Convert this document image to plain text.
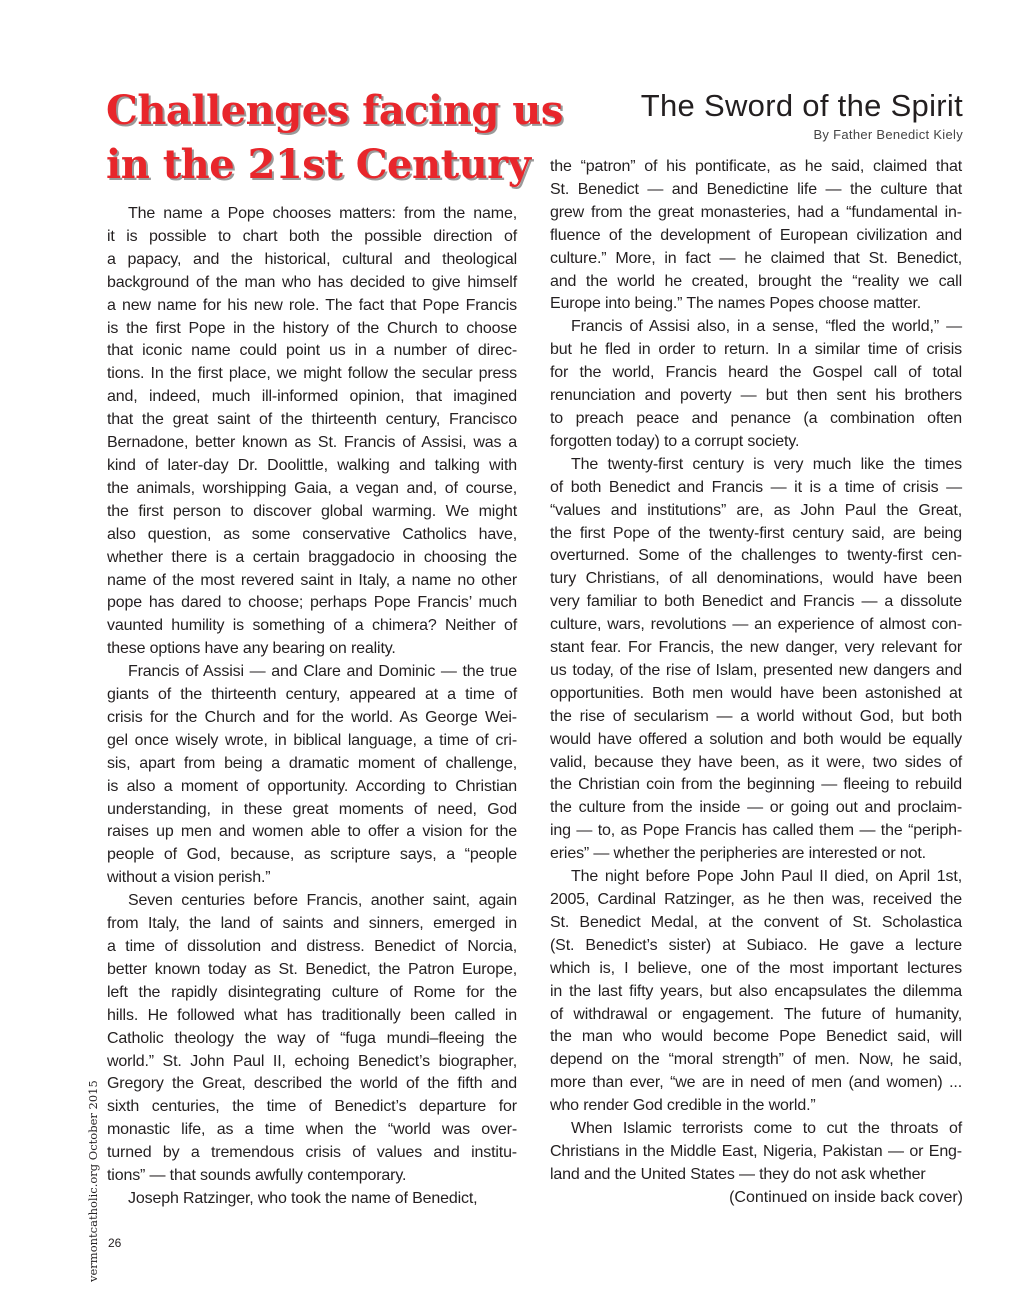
Challenges facing us
in the 21st Century
The Sword of the Spirit
By Father Benedict Kiely

The name a Pope chooses matters: from the name,

it is possible to chart both the possible direction of

a papacy, and the historical, cultural and theological

background of the man who has decided to give himself

a new name for his new role. The fact that Pope Francis

is the first Pope in the history of the Church to choose

that iconic name could point us in a number of direc-

tions. In the first place, we might follow the secular press

and, indeed, much ill-informed opinion, that imagined

that the great saint of the thirteenth century, Francisco

Bernadone, better known as St. Francis of Assisi, was a

kind of later-day Dr. Doolittle, walking and talking with

the animals, worshipping Gaia, a vegan and, of course,

the first person to discover global warming. We might

also question, as some conservative Catholics have,

whether there is a certain braggadocio in choosing the

name of the most revered saint in Italy, a name no other

pope has dared to choose; perhaps Pope Francis’ much

vaunted humility is something of a chimera? Neither of

these options have any bearing on reality.

Francis of Assisi — and Clare and Dominic — the true

giants of the thirteenth century, appeared at a time of

crisis for the Church and for the world. As George Wei-

gel once wisely wrote, in biblical language, a time of cri-

sis, apart from being a dramatic moment of challenge,

is also a moment of opportunity. According to Christian

understanding, in these great moments of need, God

raises up men and women able to offer a vision for the

people of God, because, as scripture says, a “people

without a vision perish.”

Seven centuries before Francis, another saint, again

from Italy, the land of saints and sinners, emerged in

a time of dissolution and distress. Benedict of Norcia,

better known today as St. Benedict, the Patron Europe,

left the rapidly disintegrating culture of Rome for the

hills. He followed what has traditionally been called in

Catholic theology the way of “fuga mundi–fleeing the

world.” St. John Paul II, echoing Benedict’s biographer,

Gregory the Great, described the world of the fifth and

sixth centuries, the time of Benedict’s departure for

monastic life, as a time when the “world was over-

turned by a tremendous crisis of values and institu-

tions” — that sounds awfully contemporary.

Joseph Ratzinger, who took the name of Benedict,

the “patron” of his pontificate, as he said, claimed that

St. Benedict — and Benedictine life — the culture that

grew from the great monasteries, had a “fundamental in-

fluence of the development of European civilization and

culture.” More, in fact — he claimed that St. Benedict,

and the world he created, brought the “reality we call

Europe into being.” The names Popes choose matter.

Francis of Assisi also, in a sense, “fled the world,” —

but he fled in order to return. In a similar time of crisis

for the world, Francis heard the Gospel call of total

renunciation and poverty — but then sent his brothers

to preach peace and penance (a combination often

forgotten today) to a corrupt society.

The twenty-first century is very much like the times

of both Benedict and Francis — it is a time of crisis —

“values and institutions” are, as John Paul the Great,

the first Pope of the twenty-first century said, are being

overturned. Some of the challenges to twenty-first cen-

tury Christians, of all denominations, would have been

very familiar to both Benedict and Francis — a dissolute

culture, wars, revolutions — an experience of almost con-

stant fear. For Francis, the new danger, very relevant for

us today, of the rise of Islam, presented new dangers and

opportunities. Both men would have been astonished at

the rise of secularism — a world without God, but both

would have offered a solution and both would be equally

valid, because they have been, as it were, two sides of

the Christian coin from the beginning — fleeing to rebuild

the culture from the inside — or going out and proclaim-

ing — to, as Pope Francis has called them — the “periph-

eries” — whether the peripheries are interested or not.

The night before Pope John Paul II died, on April 1st,

2005, Cardinal Ratzinger, as he then was, received the

St. Benedict Medal, at the convent of St. Scholastica

(St. Benedict’s sister) at Subiaco. He gave a lecture

which is, I believe, one of the most important lectures

in the last fifty years, but also encapsulates the dilemma

of withdrawal or engagement. The future of humanity,

the man who would become Pope Benedict said, will

depend on the “moral strength” of men. Now, he said,

more than ever, “we are in need of men (and women) ...

who render God credible in the world.”

When Islamic terrorists come to cut the throats of

Christians in the Middle East, Nigeria, Pakistan — or Eng-

land and the United States — they do not ask whether

(Continued on inside back cover)
vermontcatholic.org October 2015 26
